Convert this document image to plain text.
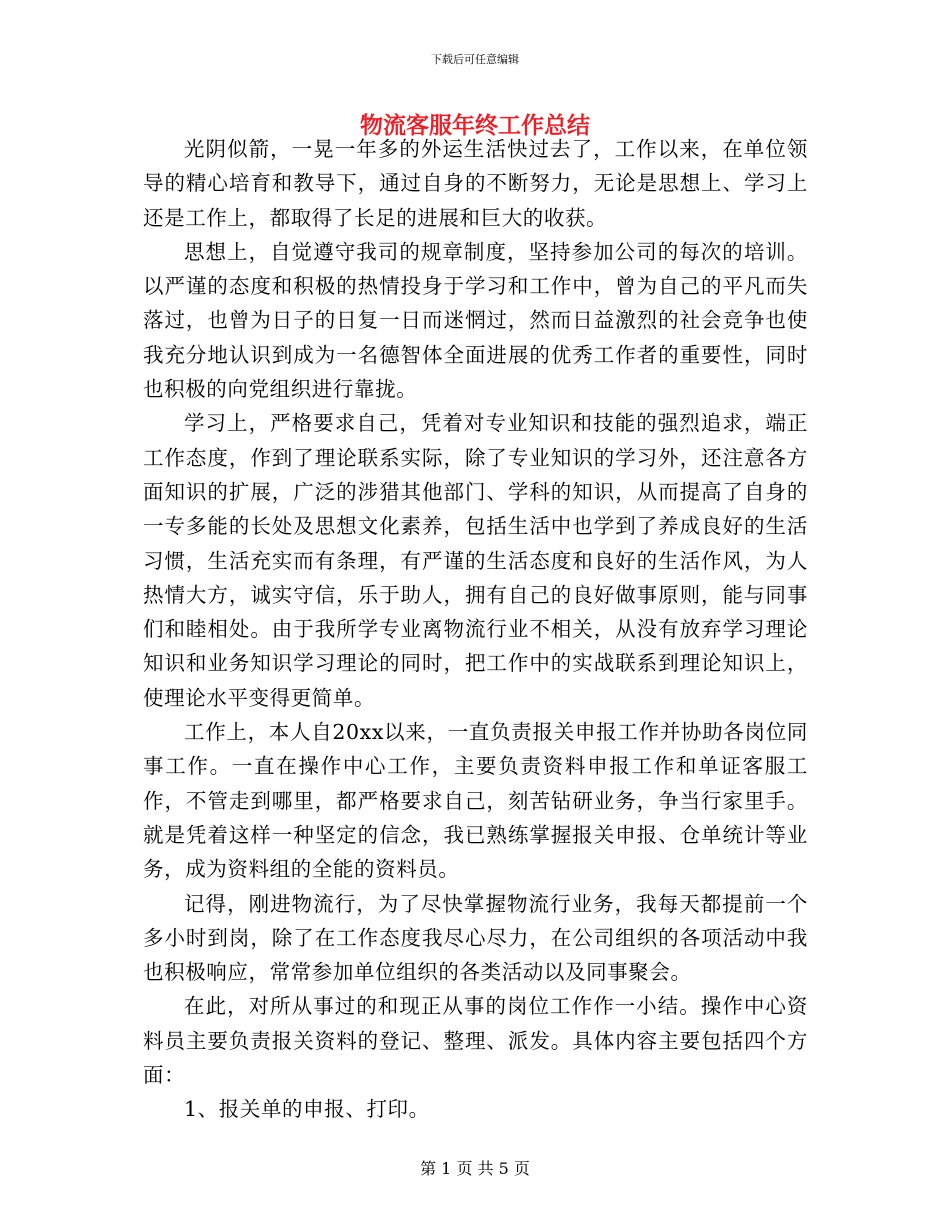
下载后可任意编辑
物流客服年终工作总结

光阴似箭，一晃一年多的外运生活快过去了，工作以来，在单位领导的精心培育和教导下，通过自身的不断努力，无论是思想上、学习上还是工作上，都取得了长足的进展和巨大的收获。

思想上，自觉遵守我司的规章制度，坚持参加公司的每次的培训。以严谨的态度和积极的热情投身于学习和工作中，曾为自己的平凡而失落过，也曾为日子的日复一日而迷惘过，然而日益激烈的社会竞争也使我充分地认识到成为一名德智体全面进展的优秀工作者的重要性，同时也积极的向党组织进行靠拢。

学习上，严格要求自己，凭着对专业知识和技能的强烈追求，端正工作态度，作到了理论联系实际，除了专业知识的学习外，还注意各方面知识的扩展，广泛的涉猎其他部门、学科的知识，从而提高了自身的一专多能的长处及思想文化素养，包括生活中也学到了养成良好的生活习惯，生活充实而有条理，有严谨的生活态度和良好的生活作风，为人热情大方，诚实守信，乐于助人，拥有自己的良好做事原则，能与同事们和睦相处。由于我所学专业离物流行业不相关，从没有放弃学习理论知识和业务知识学习理论的同时，把工作中的实战联系到理论知识上，使理论水平变得更简单。

工作上，本人自20xx以来，一直负责报关申报工作并协助各岗位同事工作。一直在操作中心工作，主要负责资料申报工作和单证客服工作，不管走到哪里，都严格要求自己，刻苦钻研业务，争当行家里手。就是凭着这样一种坚定的信念，我已熟练掌握报关申报、仓单统计等业务，成为资料组的全能的资料员。

记得，刚进物流行，为了尽快掌握物流行业务，我每天都提前一个多小时到岗，除了在工作态度我尽心尽力，在公司组织的各项活动中我也积极响应，常常参加单位组织的各类活动以及同事聚会。

在此，对所从事过的和现正从事的岗位工作作一小结。操作中心资料员主要负责报关资料的登记、整理、派发。具体内容主要包括四个方面：

1、报关单的申报、打印。

第 1 页 共 5 页
